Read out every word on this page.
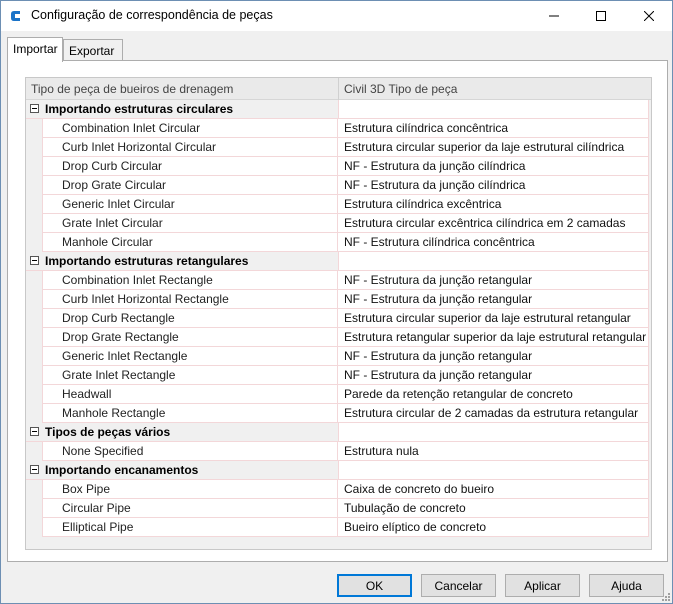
Configuração de correspondência de peças
Importar Exportar
Tipo de peça de bueiros de drenagem	Civil 3D Tipo de peça
Importando estruturas circulares
Combination Inlet Circular	Estrutura cilíndrica concêntrica
Curb Inlet Horizontal Circular	Estrutura circular superior da laje estrutural cilíndrica
Drop Curb Circular	NF - Estrutura da junção cilíndrica
Drop Grate Circular	NF - Estrutura da junção cilíndrica
Generic Inlet Circular	Estrutura cilíndrica excêntrica
Grate Inlet Circular	Estrutura circular excêntrica cilíndrica em 2 camadas
Manhole Circular	NF - Estrutura cilíndrica concêntrica
Importando estruturas retangulares
Combination Inlet Rectangle	NF - Estrutura da junção retangular
Curb Inlet Horizontal Rectangle	NF - Estrutura da junção retangular
Drop Curb Rectangle	Estrutura circular superior da laje estrutural retangular
Drop Grate Rectangle	Estrutura retangular superior da laje estrutural retangular
Generic Inlet Rectangle	NF - Estrutura da junção retangular
Grate Inlet Rectangle	NF - Estrutura da junção retangular
Headwall	Parede da retenção retangular de concreto
Manhole Rectangle	Estrutura circular de 2 camadas da estrutura retangular
Tipos de peças vários
None Specified	Estrutura nula
Importando encanamentos
Box Pipe	Caixa de concreto do bueiro
Circular Pipe	Tubulação de concreto
Elliptical Pipe	Bueiro elíptico de concreto
OK	Cancelar	Aplicar	Ajuda
